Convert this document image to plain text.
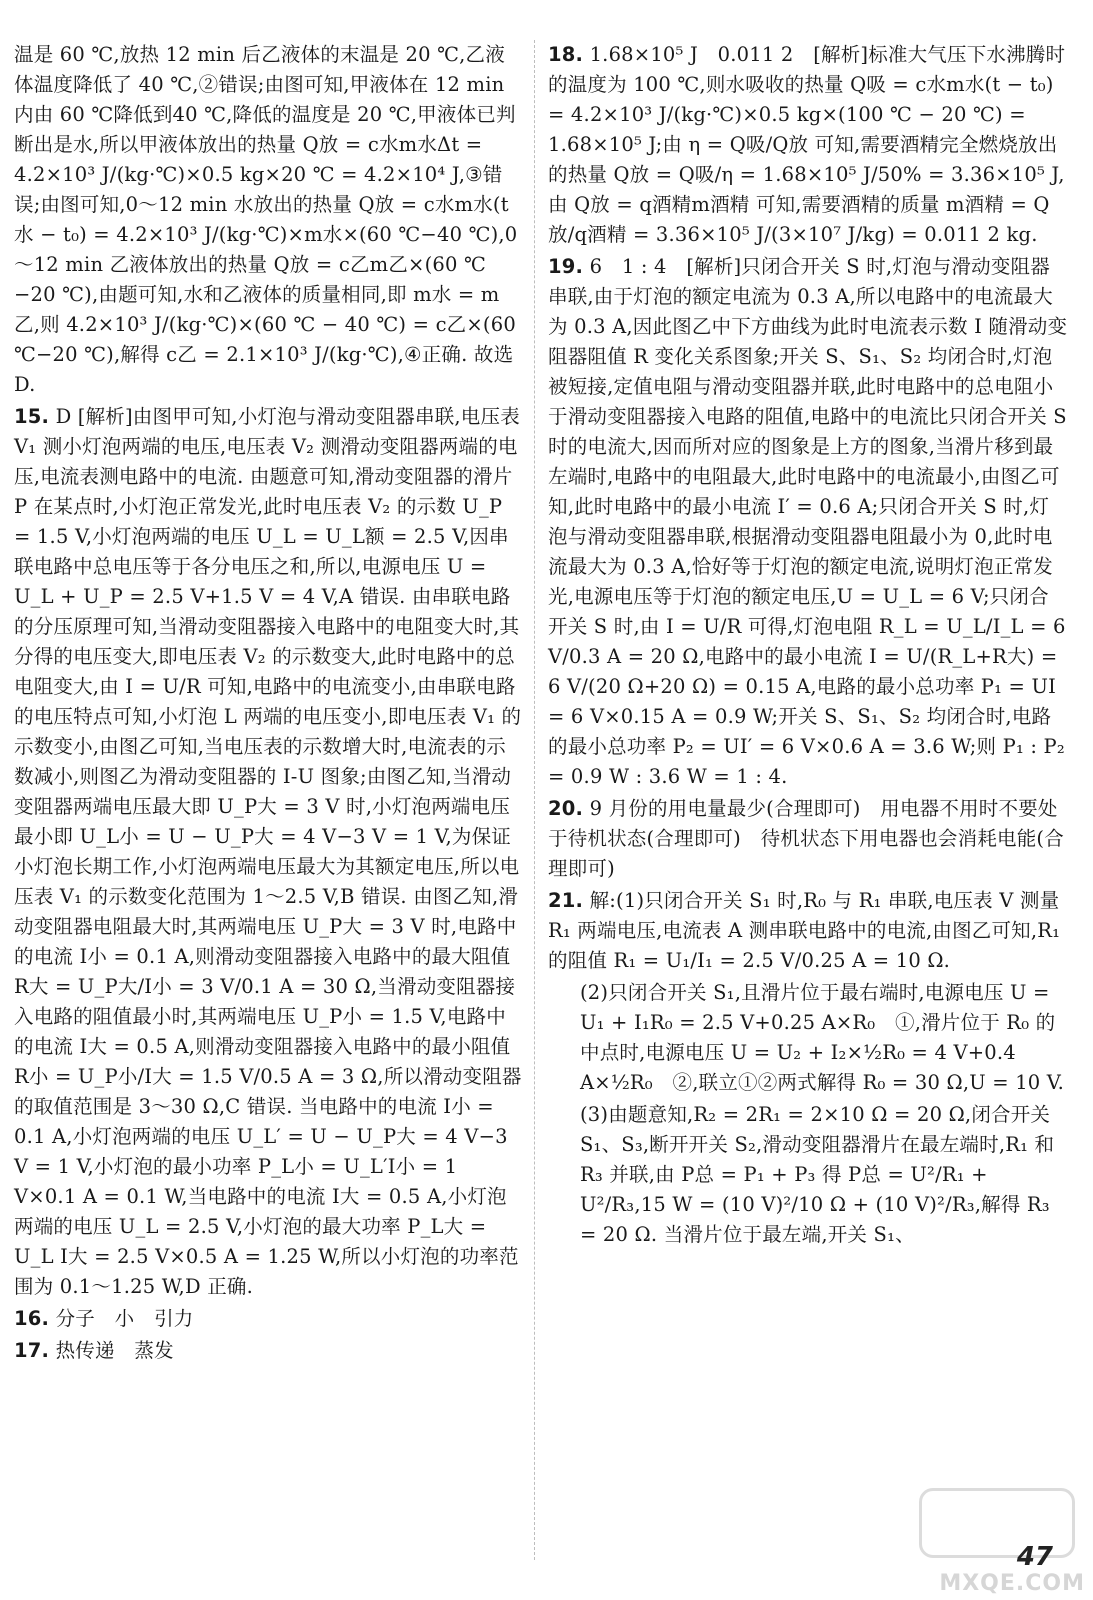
温是 60 ℃,放热 12 min 后乙液体的末温是 20 ℃,乙液体温度降低了 40 ℃,②错误;由图可知,甲液体在 12 min 内由 60 ℃降低到40 ℃,降低的温度是 20 ℃,甲液体已判断出是水,所以甲液体放出的热量 Q放 = c水m水Δt = 4.2×10³ J/(kg·℃)×0.5 kg×20 ℃ = 4.2×10⁴ J,③错误;由图可知,0～12 min 水放出的热量 Q放 = c水m水(t水 − t₀) = 4.2×10³ J/(kg·℃)×m水×(60 ℃−40 ℃),0～12 min 乙液体放出的热量 Q放 = c乙m乙×(60 ℃−20 ℃),由题可知,水和乙液体的质量相同,即 m水 = m乙,则 4.2×10³ J/(kg·℃)×(60 ℃ − 40 ℃) = c乙×(60 ℃−20 ℃),解得 c乙 = 2.1×10³ J/(kg·℃),④正确. 故选D.
15. D [解析]由图甲可知,小灯泡与滑动变阻器串联,电压表 V₁ 测小灯泡两端的电压,电压表 V₂ 测滑动变阻器两端的电压,电流表测电路中的电流. 由题意可知,滑动变阻器的滑片 P 在某点时,小灯泡正常发光,此时电压表 V₂ 的示数 U_P = 1.5 V,小灯泡两端的电压 U_L = U_L额 = 2.5 V,因串联电路中总电压等于各分电压之和,所以,电源电压 U = U_L + U_P = 2.5 V+1.5 V = 4 V,A 错误. 由串联电路的分压原理可知,当滑动变阻器接入电路中的电阻变大时,其分得的电压变大,即电压表 V₂ 的示数变大,此时电路中的总电阻变大,由 I = U/R 可知,电路中的电流变小,由串联电路的电压特点可知,小灯泡 L 两端的电压变小,即电压表 V₁ 的示数变小,由图乙可知,当电压表的示数增大时,电流表的示数减小,则图乙为滑动变阻器的 I-U 图象;由图乙知,当滑动变阻器两端电压最大即 U_P大 = 3 V 时,小灯泡两端电压最小即 U_L小 = U − U_P大 = 4 V−3 V = 1 V,为保证小灯泡长期工作,小灯泡两端电压最大为其额定电压,所以电压表 V₁ 的示数变化范围为 1～2.5 V,B 错误. 由图乙知,滑动变阻器电阻最大时,其两端电压 U_P大 = 3 V 时,电路中的电流 I小 = 0.1 A,则滑动变阻器接入电路中的最大阻值 R大 = U_P大/I小 = 3 V/0.1 A = 30 Ω,当滑动变阻器接入电路的阻值最小时,其两端电压 U_P小 = 1.5 V,电路中的电流 I大 = 0.5 A,则滑动变阻器接入电路中的最小阻值 R小 = U_P小/I大 = 1.5 V/0.5 A = 3 Ω,所以滑动变阻器的取值范围是 3～30 Ω,C 错误. 当电路中的电流 I小 = 0.1 A,小灯泡两端的电压 U_L′ = U − U_P大 = 4 V−3 V = 1 V,小灯泡的最小功率 P_L小 = U_L′I小 = 1 V×0.1 A = 0.1 W,当电路中的电流 I大 = 0.5 A,小灯泡两端的电压 U_L = 2.5 V,小灯泡的最大功率 P_L大 = U_L I大 = 2.5 V×0.5 A = 1.25 W,所以小灯泡的功率范围为 0.1～1.25 W,D 正确.
16. 分子　小　引力
17. 热传递　蒸发
18. 1.68×10⁵ J　0.011 2　[解析]标准大气压下水沸腾时的温度为 100 ℃,则水吸收的热量 Q吸 = c水m水(t − t₀) = 4.2×10³ J/(kg·℃)×0.5 kg×(100 ℃ − 20 ℃) = 1.68×10⁵ J;由 η = Q吸/Q放 可知,需要酒精完全燃烧放出的热量 Q放 = Q吸/η = 1.68×10⁵ J/50% = 3.36×10⁵ J,由 Q放 = q酒精m酒精 可知,需要酒精的质量 m酒精 = Q放/q酒精 = 3.36×10⁵ J/(3×10⁷ J/kg) = 0.011 2 kg.
19. 6　1 : 4　[解析]只闭合开关 S 时,灯泡与滑动变阻器串联,由于灯泡的额定电流为 0.3 A,所以电路中的电流最大为 0.3 A,因此图乙中下方曲线为此时电流表示数 I 随滑动变阻器阻值 R 变化关系图象;开关 S、S₁、S₂ 均闭合时,灯泡被短接,定值电阻与滑动变阻器并联,此时电路中的总电阻小于滑动变阻器接入电路的阻值,电路中的电流比只闭合开关 S 时的电流大,因而所对应的图象是上方的图象,当滑片移到最左端时,电路中的电阻最大,此时电路中的电流最小,由图乙可知,此时电路中的最小电流 I′ = 0.6 A;只闭合开关 S 时,灯泡与滑动变阻器串联,根据滑动变阻器电阻最小为 0,此时电流最大为 0.3 A,恰好等于灯泡的额定电流,说明灯泡正常发光,电源电压等于灯泡的额定电压,U = U_L = 6 V;只闭合开关 S 时,由 I = U/R 可得,灯泡电阻 R_L = U_L/I_L = 6 V/0.3 A = 20 Ω,电路中的最小电流 I = U/(R_L+R大) = 6 V/(20 Ω+20 Ω) = 0.15 A,电路的最小总功率 P₁ = UI = 6 V×0.15 A = 0.9 W;开关 S、S₁、S₂ 均闭合时,电路的最小总功率 P₂ = UI′ = 6 V×0.6 A = 3.6 W;则 P₁ : P₂ = 0.9 W : 3.6 W = 1 : 4.
20. 9 月份的用电量最少(合理即可)　用电器不用时不要处于待机状态(合理即可)　待机状态下用电器也会消耗电能(合理即可)
21. 解:(1)只闭合开关 S₁ 时,R₀ 与 R₁ 串联,电压表 V 测量 R₁ 两端电压,电流表 A 测串联电路中的电流,由图乙可知,R₁ 的阻值 R₁ = U₁/I₁ = 2.5 V/0.25 A = 10 Ω.
(2)只闭合开关 S₁,且滑片位于最右端时,电源电压 U = U₁ + I₁R₀ = 2.5 V+0.25 A×R₀　①,滑片位于 R₀ 的中点时,电源电压 U = U₂ + I₂×½R₀ = 4 V+0.4 A×½R₀　②,联立①②两式解得 R₀ = 30 Ω,U = 10 V.
(3)由题意知,R₂ = 2R₁ = 2×10 Ω = 20 Ω,闭合开关 S₁、S₃,断开开关 S₂,滑动变阻器滑片在最左端时,R₁ 和 R₃ 并联,由 P总 = P₁ + P₃ 得 P总 = U²/R₁ + U²/R₃,15 W = (10 V)²/10 Ω + (10 V)²/R₃,解得 R₃ = 20 Ω. 当滑片位于最左端,开关 S₁、
47
MXQE.COM
